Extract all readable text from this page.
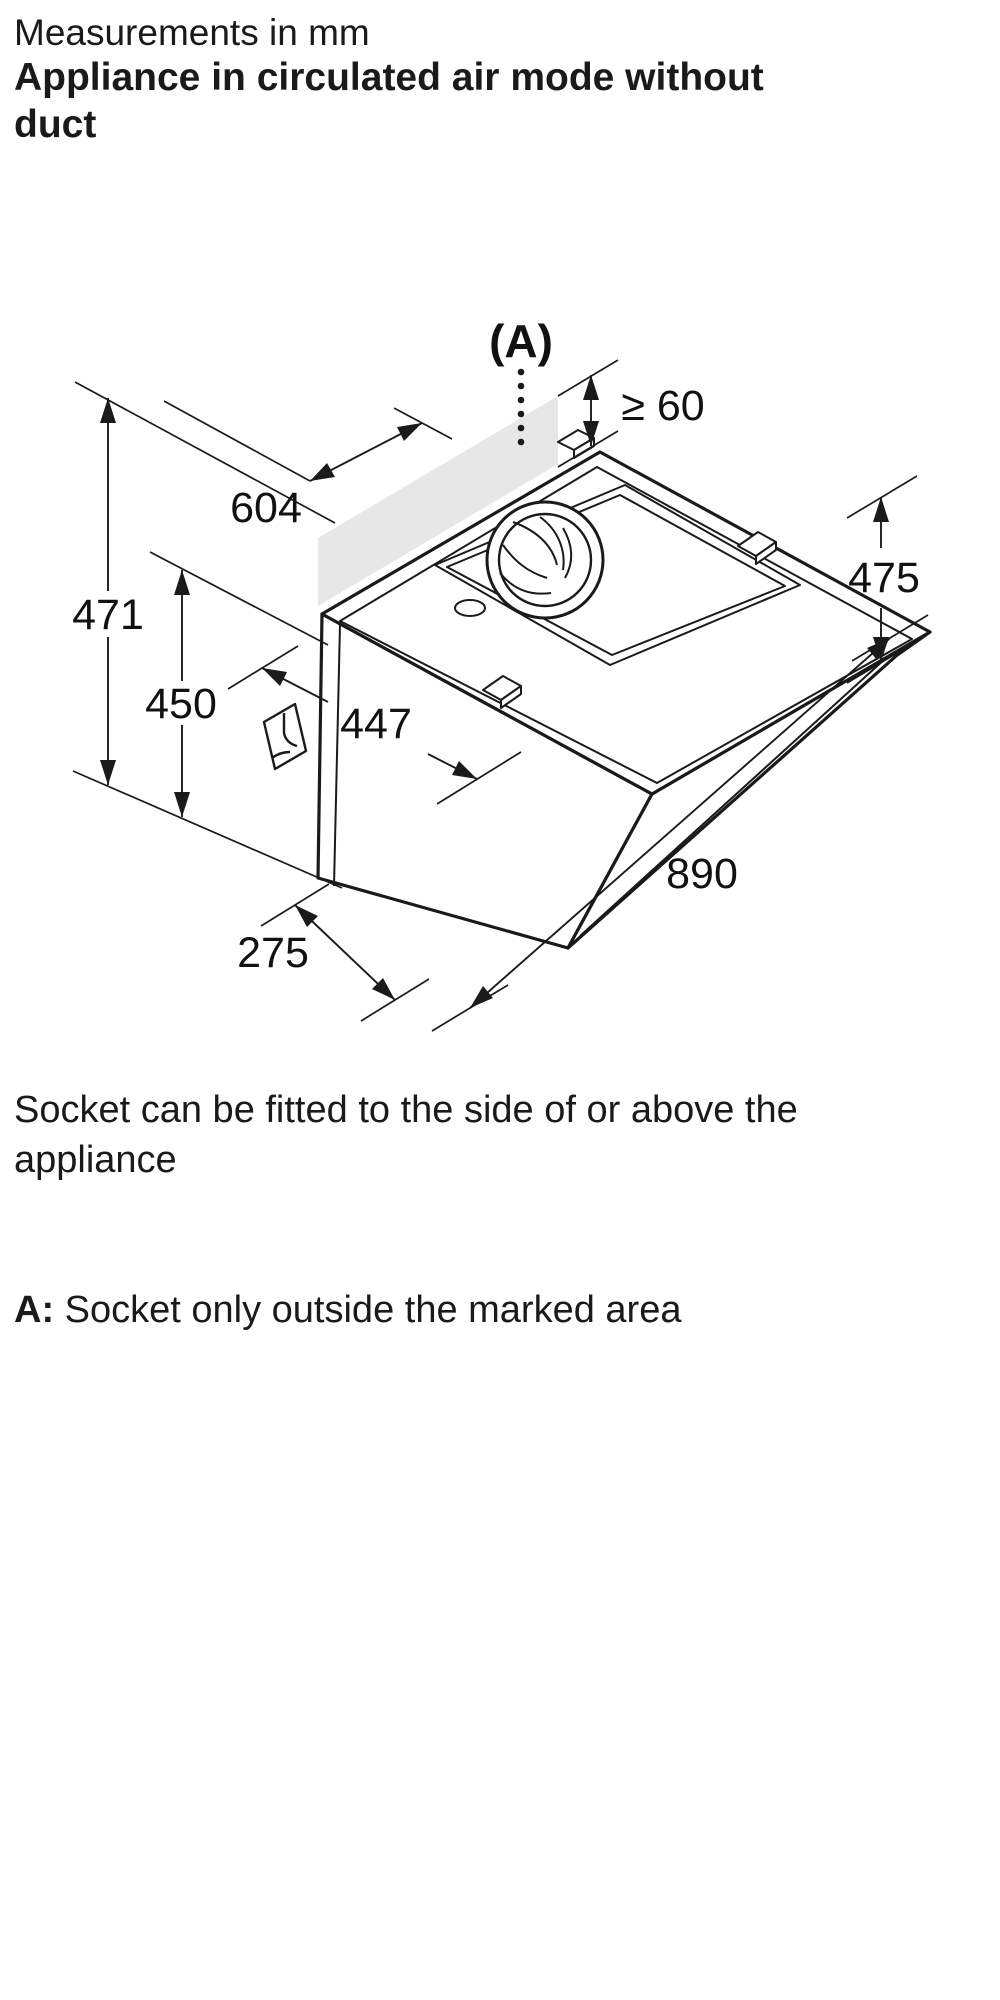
Measurements in mm
Appliance in circulated air mode without
duct
471
450
604
≥ 60
(A)
475
447
890
275
Socket can be fitted to the side of or above the
appliance
A: Socket only outside the marked area
